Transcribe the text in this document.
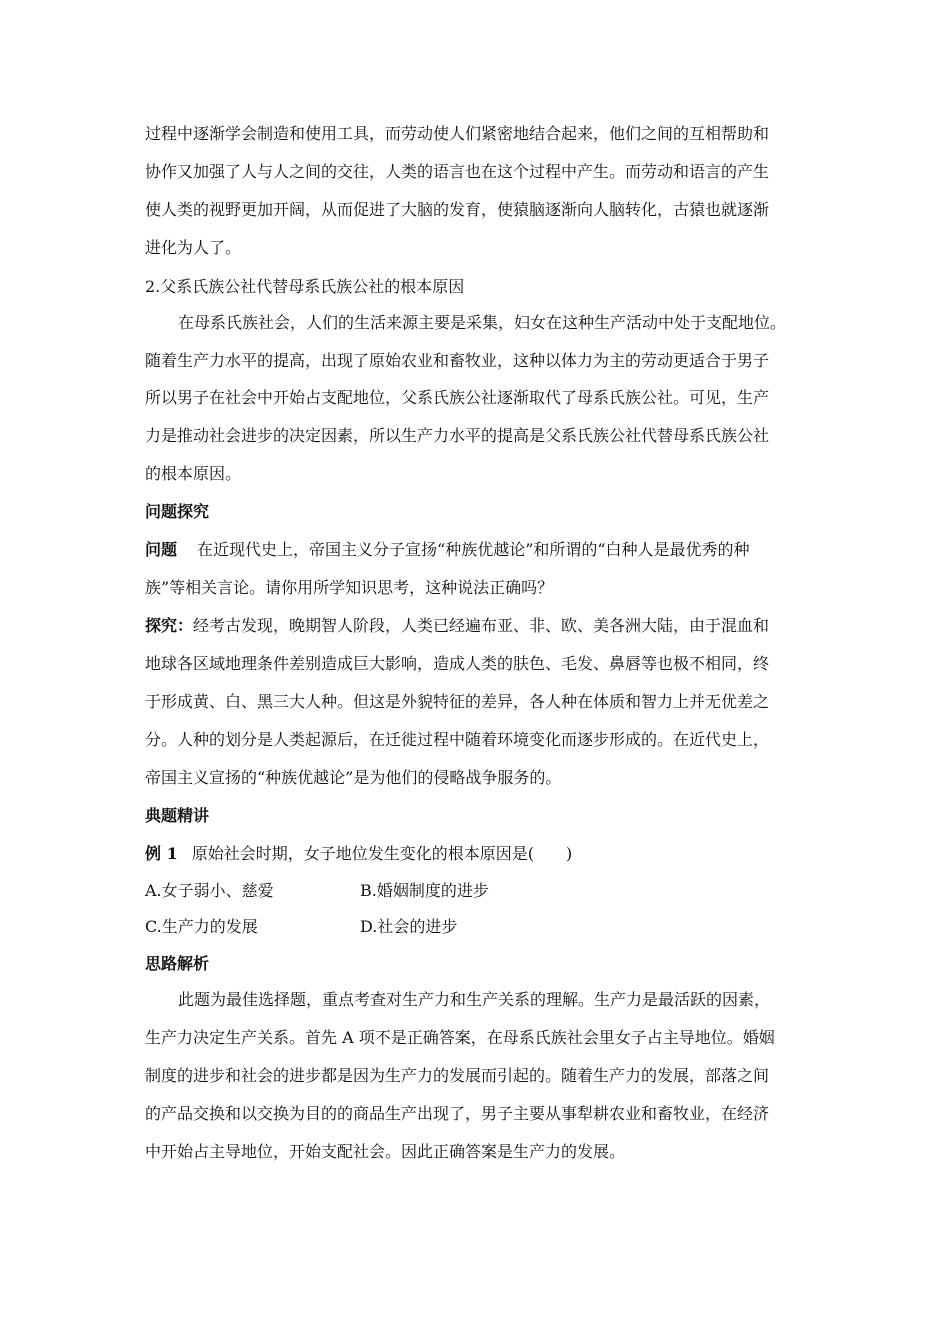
过程中逐渐学会制造和使用工具，而劳动使人们紧密地结合起来，他们之间的互相帮助和
协作又加强了人与人之间的交往，人类的语言也在这个过程中产生。而劳动和语言的产生
使人类的视野更加开阔，从而促进了大脑的发育，使猿脑逐渐向人脑转化，古猿也就逐渐
进化为人了。
2.父系氏族公社代替母系氏族公社的根本原因
在母系氏族社会，人们的生活来源主要是采集，妇女在这种生产活动中处于支配地位。
随着生产力水平的提高，出现了原始农业和畜牧业，这种以体力为主的劳动更适合于男子
所以男子在社会中开始占支配地位，父系氏族公社逐渐取代了母系氏族公社。可见，生产
力是推动社会进步的决定因素，所以生产力水平的提高是父系氏族公社代替母系氏族公社
的根本原因。
问题探究
问题 在近现代史上，帝国主义分子宣扬“种族优越论”和所谓的“白种人是最优秀的种
族”等相关言论。请你用所学知识思考，这种说法正确吗？
探究：经考古发现，晚期智人阶段，人类已经遍布亚、非、欧、美各洲大陆，由于混血和
地球各区域地理条件差别造成巨大影响，造成人类的肤色、毛发、鼻唇等也极不相同，终
于形成黄、白、黑三大人种。但这是外貌特征的差异，各人种在体质和智力上并无优差之
分。人种的划分是人类起源后，在迁徙过程中随着环境变化而逐步形成的。在近代史上，
帝国主义宣扬的“种族优越论”是为他们的侵略战争服务的。
典题精讲
例 1 原始社会时期，女子地位发生变化的根本原因是(　　)
A.女子弱小、慈爱	B.婚姻制度的进步
C.生产力的发展	D.社会的进步
思路解析
此题为最佳选择题，重点考查对生产力和生产关系的理解。生产力是最活跃的因素，
生产力决定生产关系。首先 A 项不是正确答案，在母系氏族社会里女子占主导地位。婚姻
制度的进步和社会的进步都是因为生产力的发展而引起的。随着生产力的发展，部落之间
的产品交换和以交换为目的的商品生产出现了，男子主要从事犁耕农业和畜牧业，在经济
中开始占主导地位，开始支配社会。因此正确答案是生产力的发展。
